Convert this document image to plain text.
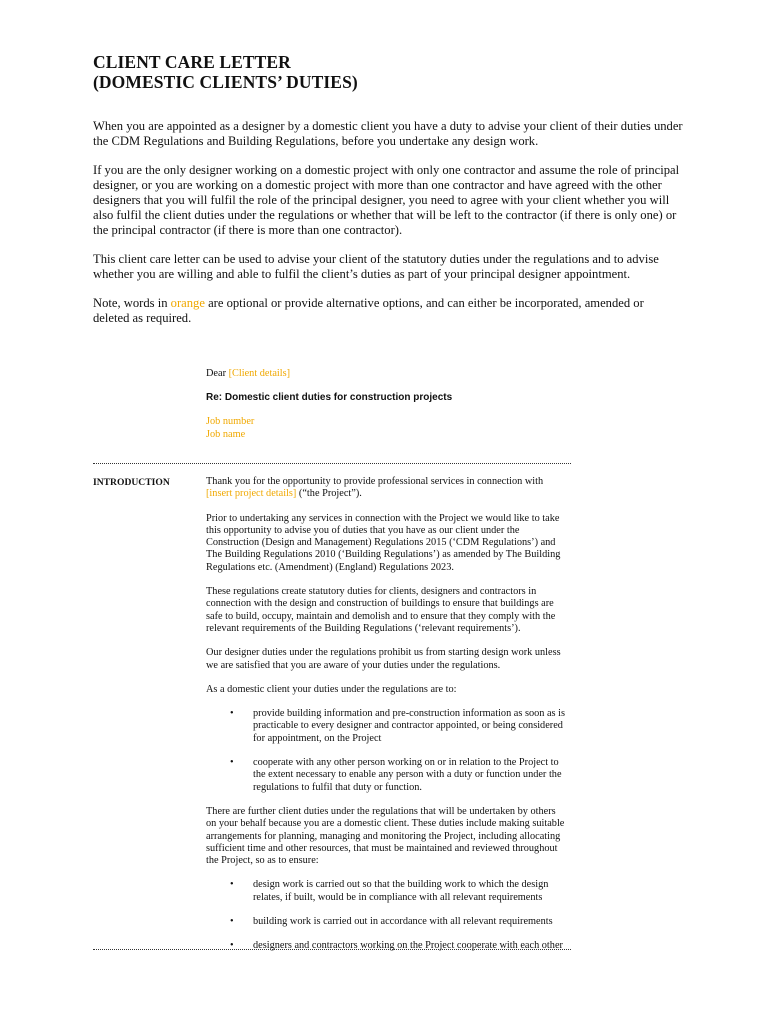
CLIENT CARE LETTER
(DOMESTIC CLIENTS’ DUTIES)

When you are appointed as a designer by a domestic client you have a duty to advise your client of their duties under the CDM Regulations and Building Regulations, before you undertake any design work.

If you are the only designer working on a domestic project with only one contractor and assume the role of principal designer, or you are working on a domestic project with more than one contractor and have agreed with the other designers that you will fulfil the role of the principal designer, you need to agree with your client whether you will also fulfil the client duties under the regulations or whether that will be left to the contractor (if there is only one) or the principal contractor (if there is more than one contractor).

This client care letter can be used to advise your client of the statutory duties under the regulations and to advise whether you are willing and able to fulfil the client’s duties as part of your principal designer appointment.

Note, words in orange are optional or provide alternative options, and can either be incorporated, amended or deleted as required.

Dear [Client details]
Re: Domestic client duties for construction projects
Job number
Job name
INTRODUCTION	Thank you for the opportunity to provide professional services in connection with [insert project details] (“the Project”).

Prior to undertaking any services in connection with the Project we would like to take this opportunity to advise you of duties that you have as our client under the Construction (Design and Management) Regulations 2015 (‘CDM Regulations’) and The Building Regulations 2010 (‘Building Regulations’) as amended by The Building Regulations etc. (Amendment) (England) Regulations 2023.

These regulations create statutory duties for clients, designers and contractors in connection with the design and construction of buildings to ensure that buildings are safe to build, occupy, maintain and demolish and to ensure that they comply with the relevant requirements of the Building Regulations (‘relevant requirements’).

Our designer duties under the regulations prohibit us from starting design work unless we are satisfied that you are aware of your duties under the regulations.

As a domestic client your duties under the regulations are to:

• provide building information and pre-construction information as soon as is practicable to every designer and contractor appointed, or being considered for appointment, on the Project
• cooperate with any other person working on or in relation to the Project to the extent necessary to enable any person with a duty or function under the regulations to fulfil that duty or function.

There are further client duties under the regulations that will be undertaken by others on your behalf because you are a domestic client. These duties include making suitable arrangements for planning, managing and monitoring the Project, including allocating sufficient time and other resources, that must be maintained and reviewed throughout the Project, so as to ensure:

• design work is carried out so that the building work to which the design relates, if built, would be in compliance with all relevant requirements
• building work is carried out in accordance with all relevant requirements
• designers and contractors working on the Project cooperate with each other
